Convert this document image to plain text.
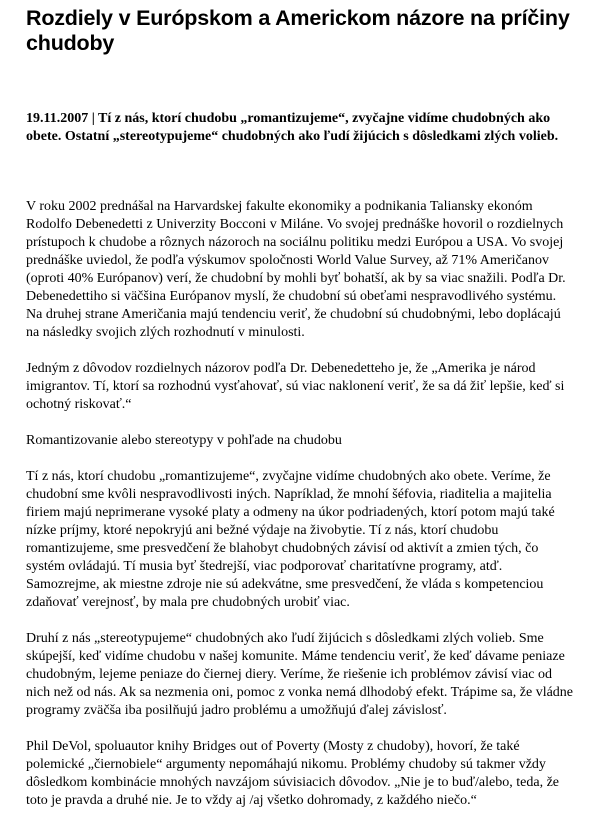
Rozdiely v Európskom a Americkom názore na príčiny chudoby

19.11.2007 | Tí z nás, ktorí chudobu „romantizujeme“, zvyčajne vidíme chudobných ako obete. Ostatní „stereotypujeme“ chudobných ako ľudí žijúcich s dôsledkami zlých volieb.

V roku 2002 prednášal na Harvardskej fakulte ekonomiky a podnikania Taliansky ekonóm Rodolfo Debenedetti z Univerzity Bocconi v Miláne. Vo svojej prednáške hovoril o rozdielnych prístupoch k chudobe a rôznych názoroch na sociálnu politiku medzi Európou a USA. Vo svojej prednáške uviedol, že podľa výskumov spoločnosti World Value Survey, až 71% Američanov (oproti 40% Európanov) verí, že chudobní by mohli byť bohatší, ak by sa viac snažili. Podľa Dr. Debenedettiho si väčšina Európanov myslí, že chudobní sú obeťami nespravodlivého systému. Na druhej strane Američania majú tendenciu veriť, že chudobní sú chudobnými, lebo doplácajú na následky svojich zlých rozhodnutí v minulosti.

Jedným z dôvodov rozdielnych názorov podľa Dr. Debenedetteho je, že „Amerika je národ imigrantov. Tí, ktorí sa rozhodnú vysťahovať, sú viac naklonení veriť, že sa dá žiť lepšie, keď si ochotný riskovať.“

Romantizovanie alebo stereotypy v pohľade na chudobu

Tí z nás, ktorí chudobu „romantizujeme“, zvyčajne vidíme chudobných ako obete. Veríme, že chudobní sme kvôli nespravodlivosti iných. Napríklad, že mnohí šéfovia, riaditelia a majitelia firiem majú neprimerane vysoké platy a odmeny na úkor podriadených, ktorí potom majú také nízke príjmy, ktoré nepokryjú ani bežné výdaje na živobytie. Tí z nás, ktorí chudobu romantizujeme, sme presvedčení že blahobyt chudobných závisí od aktivít a zmien tých, čo systém ovládajú. Tí musia byť štedrejší, viac podporovať charitatívne programy, atď. Samozrejme, ak miestne zdroje nie sú adekvátne, sme presvedčení, že vláda s kompetenciou zdaňovať verejnosť, by mala pre chudobných urobiť viac.

Druhí z nás „stereotypujeme“ chudobných ako ľudí žijúcich s dôsledkami zlých volieb. Sme skúpejší, keď vidíme chudobu v našej komunite. Máme tendenciu veriť, že keď dávame peniaze chudobným, lejeme peniaze do čiernej diery. Veríme, že riešenie ich problémov závisí viac od nich než od nás. Ak sa nezmenia oni, pomoc z vonka nemá dlhodobý efekt. Trápime sa, že vládne programy zväčša iba posilňujú jadro problému a umožňujú ďalej závislosť.

Phil DeVol, spoluautor knihy Bridges out of Poverty (Mosty z chudoby), hovorí, že také polemické „čiernobiele“ argumenty nepomáhajú nikomu. Problémy chudoby sú takmer vždy dôsledkom kombinácie mnohých navzájom súvisiacich dôvodov. „Nie je to buď/alebo, teda, že toto je pravda a druhé nie. Je to vždy aj /aj všetko dohromady, z každého niečo.“
